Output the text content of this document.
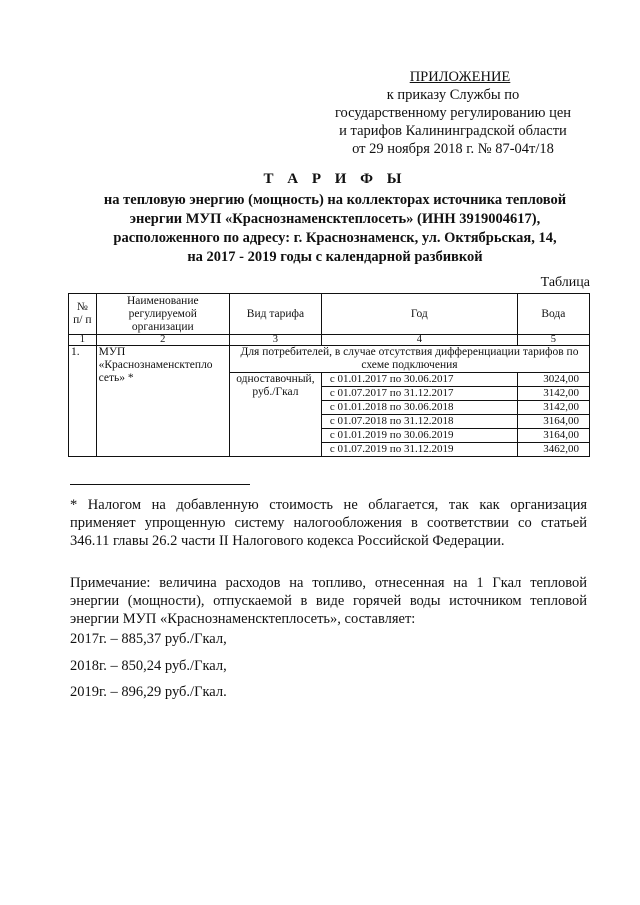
ПРИЛОЖЕНИЕ
к приказу Службы по
государственному регулированию цен
и тарифов Калининградской области
от 29 ноября 2018 г. № 87-04т/18
Т А Р И Ф Ы
на тепловую энергию (мощность) на коллекторах источника тепловой
энергии МУП «Краснознаменсктеплосеть» (ИНН 3919004617),
расположенного по адресу: г. Краснознаменск, ул. Октябрьская, 14,
на 2017 - 2019 годы с календарной разбивкой
Таблица
№ п/ п	Наименование регулируемой организации	Вид тарифа	Год	Вода
1	2	3	4	5
1.	МУП «Краснознаменсктепло сеть» *	Для потребителей, в случае отсутствия дифференциации тарифов по схеме подключения		
		одноставочный, руб./Гкал	с 01.01.2017 по 30.06.2017	3024,00
			с 01.07.2017 по 31.12.2017	3142,00
			с 01.01.2018 по 30.06.2018	3142,00
			с 01.07.2018 по 31.12.2018	3164,00
			с 01.01.2019 по 30.06.2019	3164,00
			с 01.07.2019 по 31.12.2019	3462,00
* Налогом на добавленную стоимость не облагается, так как организация применяет упрощенную систему налогообложения в соответствии со статьей 346.11 главы 26.2 части II Налогового кодекса Российской Федерации.
Примечание: величина расходов на топливо, отнесенная на 1 Гкал тепловой энергии (мощности), отпускаемой в виде горячей воды источником тепловой энергии МУП «Краснознаменсктеплосеть», составляет:
2017г. – 885,37 руб./Гкал,
2018г. – 850,24 руб./Гкал,
2019г. – 896,29 руб./Гкал.
